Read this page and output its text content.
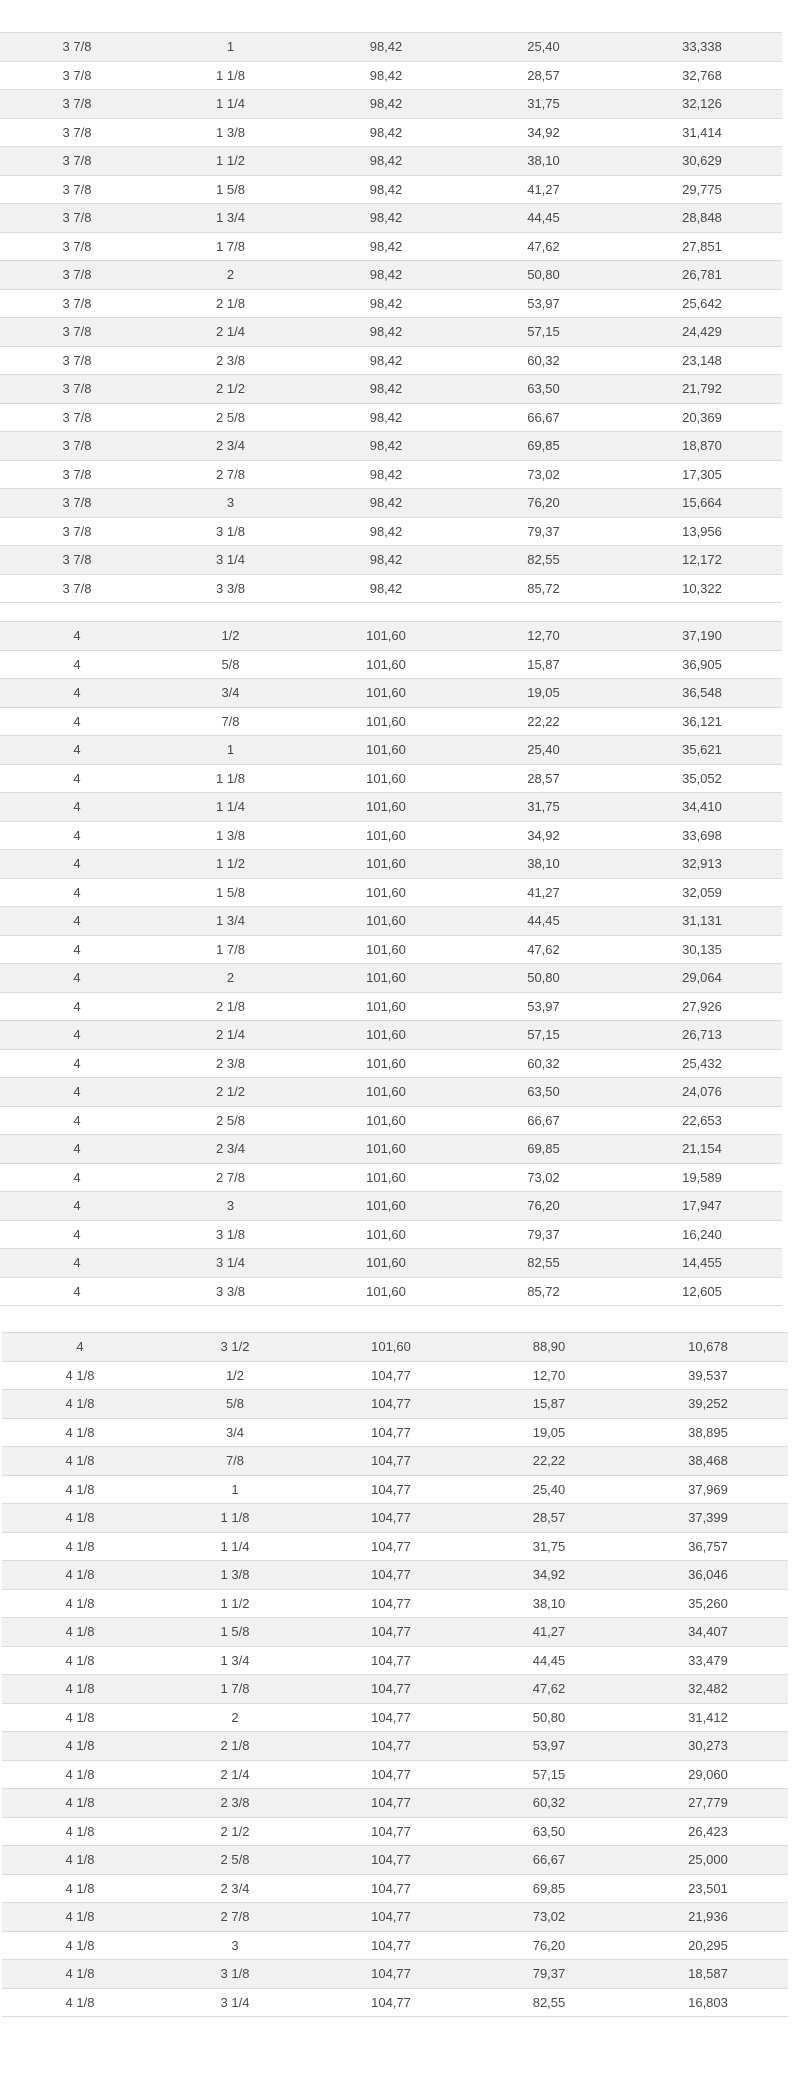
3 7/8	1	98,42	25,40	33,338
3 7/8	1 1/8	98,42	28,57	32,768
3 7/8	1 1/4	98,42	31,75	32,126
3 7/8	1 3/8	98,42	34,92	31,414
3 7/8	1 1/2	98,42	38,10	30,629
3 7/8	1 5/8	98,42	41,27	29,775
3 7/8	1 3/4	98,42	44,45	28,848
3 7/8	1 7/8	98,42	47,62	27,851
3 7/8	2	98,42	50,80	26,781
3 7/8	2 1/8	98,42	53,97	25,642
3 7/8	2 1/4	98,42	57,15	24,429
3 7/8	2 3/8	98,42	60,32	23,148
3 7/8	2 1/2	98,42	63,50	21,792
3 7/8	2 5/8	98,42	66,67	20,369
3 7/8	2 3/4	98,42	69,85	18,870
3 7/8	2 7/8	98,42	73,02	17,305
3 7/8	3	98,42	76,20	15,664
3 7/8	3 1/8	98,42	79,37	13,956
3 7/8	3 1/4	98,42	82,55	12,172
3 7/8	3 3/8	98,42	85,72	10,322
4	1/2	101,60	12,70	37,190
4	5/8	101,60	15,87	36,905
4	3/4	101,60	19,05	36,548
4	7/8	101,60	22,22	36,121
4	1	101,60	25,40	35,621
4	1 1/8	101,60	28,57	35,052
4	1 1/4	101,60	31,75	34,410
4	1 3/8	101,60	34,92	33,698
4	1 1/2	101,60	38,10	32,913
4	1 5/8	101,60	41,27	32,059
4	1 3/4	101,60	44,45	31,131
4	1 7/8	101,60	47,62	30,135
4	2	101,60	50,80	29,064
4	2 1/8	101,60	53,97	27,926
4	2 1/4	101,60	57,15	26,713
4	2 3/8	101,60	60,32	25,432
4	2 1/2	101,60	63,50	24,076
4	2 5/8	101,60	66,67	22,653
4	2 3/4	101,60	69,85	21,154
4	2 7/8	101,60	73,02	19,589
4	3	101,60	76,20	17,947
4	3 1/8	101,60	79,37	16,240
4	3 1/4	101,60	82,55	14,455
4	3 3/8	101,60	85,72	12,605
4	3 1/2	101,60	88,90	10,678
4 1/8	1/2	104,77	12,70	39,537
4 1/8	5/8	104,77	15,87	39,252
4 1/8	3/4	104,77	19,05	38,895
4 1/8	7/8	104,77	22,22	38,468
4 1/8	1	104,77	25,40	37,969
4 1/8	1 1/8	104,77	28,57	37,399
4 1/8	1 1/4	104,77	31,75	36,757
4 1/8	1 3/8	104,77	34,92	36,046
4 1/8	1 1/2	104,77	38,10	35,260
4 1/8	1 5/8	104,77	41,27	34,407
4 1/8	1 3/4	104,77	44,45	33,479
4 1/8	1 7/8	104,77	47,62	32,482
4 1/8	2	104,77	50,80	31,412
4 1/8	2 1/8	104,77	53,97	30,273
4 1/8	2 1/4	104,77	57,15	29,060
4 1/8	2 3/8	104,77	60,32	27,779
4 1/8	2 1/2	104,77	63,50	26,423
4 1/8	2 5/8	104,77	66,67	25,000
4 1/8	2 3/4	104,77	69,85	23,501
4 1/8	2 7/8	104,77	73,02	21,936
4 1/8	3	104,77	76,20	20,295
4 1/8	3 1/8	104,77	79,37	18,587
4 1/8	3 1/4	104,77	82,55	16,803
